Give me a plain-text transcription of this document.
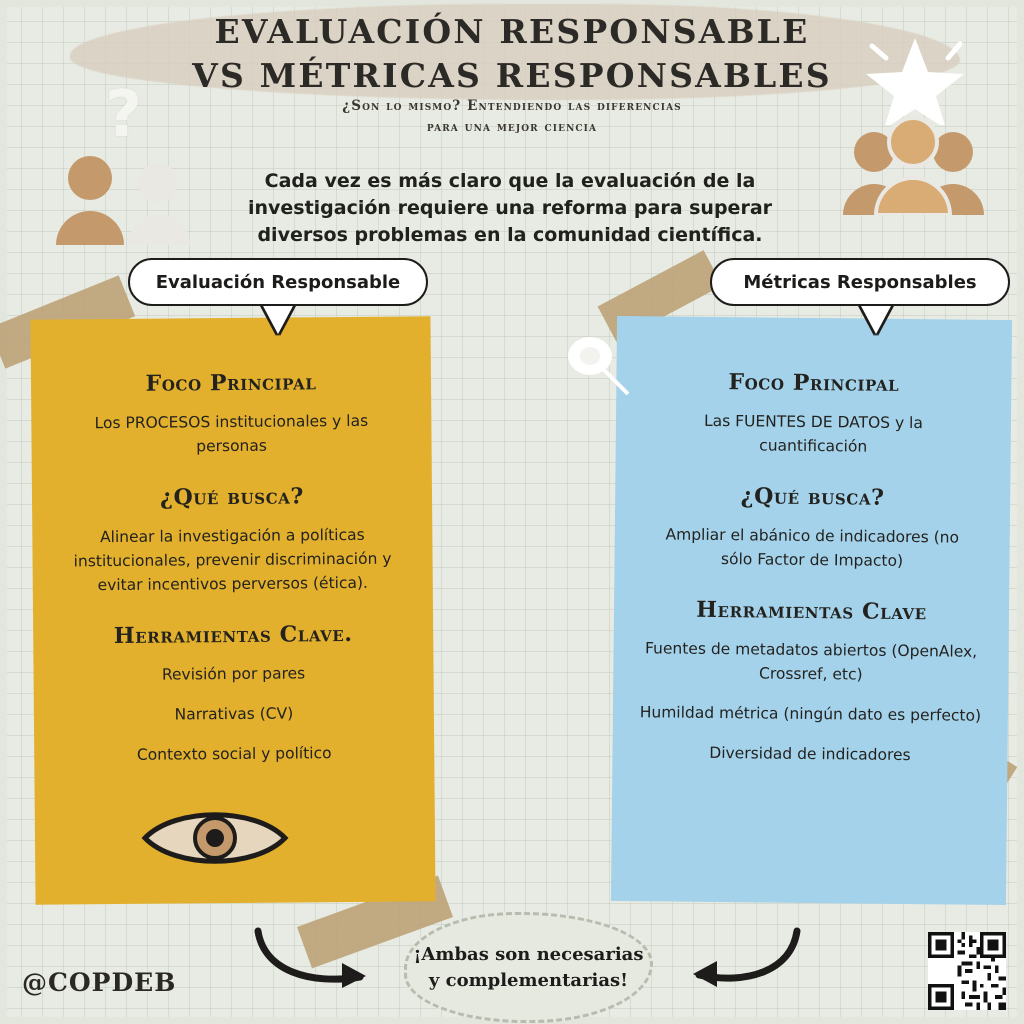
EVALUACIÓN RESPONSABLE
VS MÉTRICAS RESPONSABLES
¿Son lo mismo? Entendiendo las diferencias
para una mejor ciencia
?
Cada vez es más claro que la evaluación de la investigación requiere una reforma para superar diversos problemas en la comunidad científica.
Foco Principal
Los PROCESOS institucionales y las personas
¿Qué busca?
Alinear la investigación a políticas institucionales, prevenir discriminación y evitar incentivos perversos (ética).
Herramientas Clave.
Revisión por pares
Narrativas (CV)
Contexto social y político
Foco Principal
Las FUENTES DE DATOS y la cuantificación
¿Qué busca?
Ampliar el abánico de indicadores (no sólo Factor de Impacto)
Herramientas Clave
Fuentes de metadatos abiertos (OpenAlex, Crossref, etc)
Humildad métrica (ningún dato es perfecto)
Diversidad de indicadores
Evaluación Responsable	Métricas Responsables
¡Ambas son necesarias y complementarias!
@COPDEB
